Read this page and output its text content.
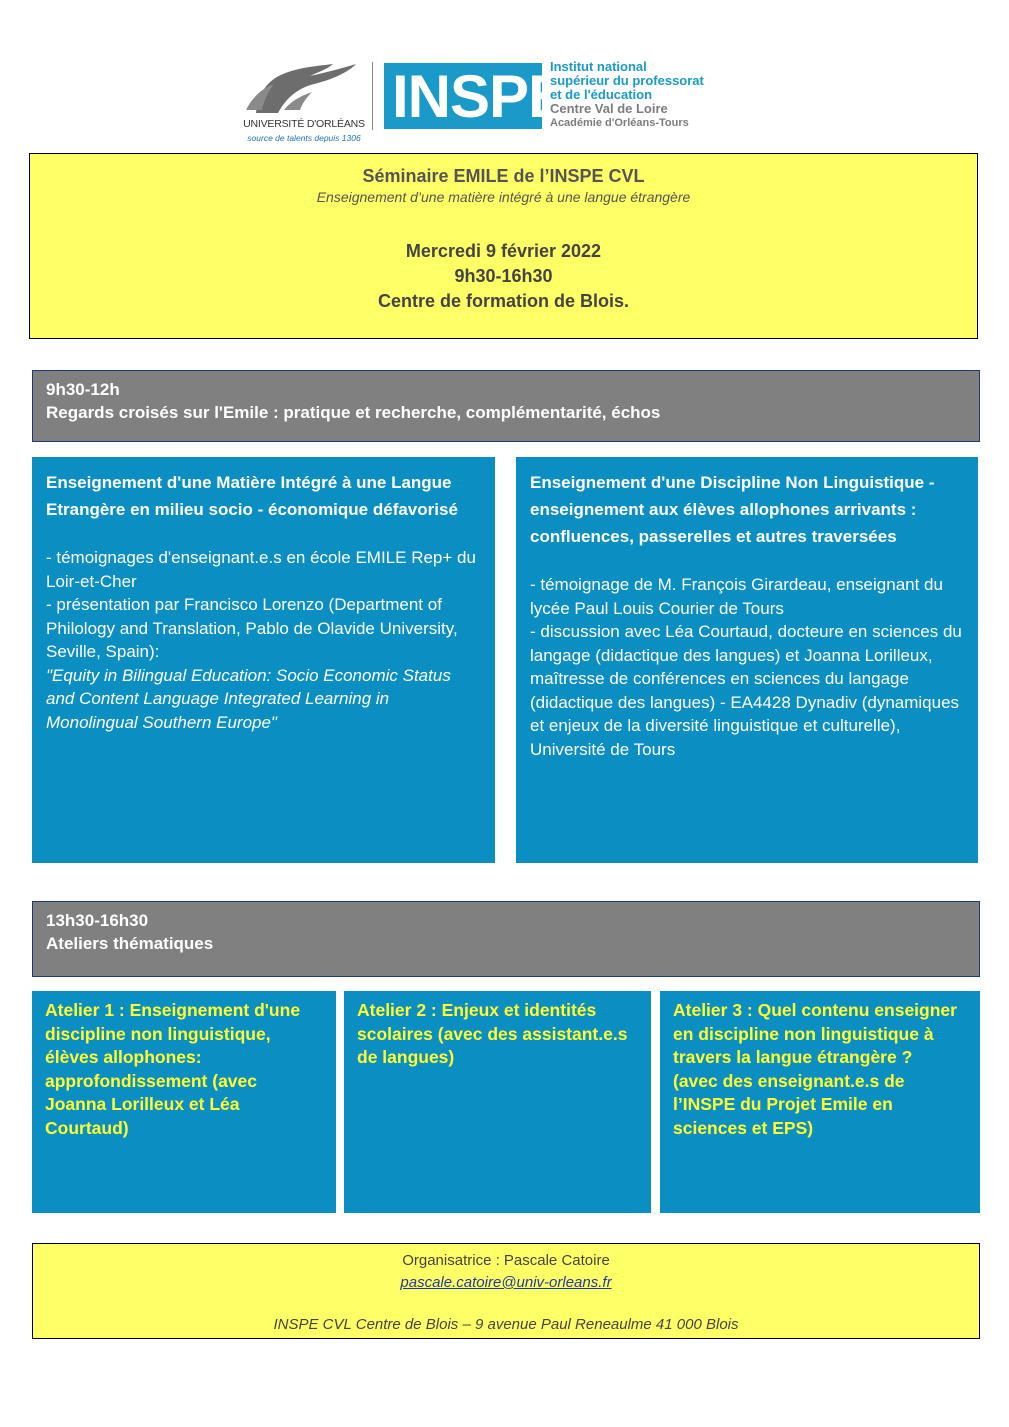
UNIVERSITÉ D'ORLÉANS
source de talents depuis 1306
INSPÉ
Institut national
supérieur du professorat
et de l'éducation
Centre Val de Loire
Académie d'Orléans-Tours
Séminaire EMILE de l’INSPE CVL
Enseignement d’une matière intégré à une langue étrangère
Mercredi 9 février 2022
9h30-16h30
Centre de formation de Blois.
9h30-12h
Regards croisés sur l'Emile : pratique et recherche, complémentarité, échos
Enseignement d'une Matière Intégré à une Langue Etrangère en milieu socio - économique défavorisé
- témoignages d'enseignant.e.s en école EMILE Rep+ du Loir-et-Cher
- présentation par Francisco Lorenzo (Department of Philology and Translation, Pablo de Olavide University, Seville, Spain):
"Equity in Bilingual Education: Socio Economic Status and Content Language Integrated Learning in Monolingual Southern Europe"
Enseignement d'une Discipline Non Linguistique - enseignement aux élèves allophones arrivants : confluences, passerelles et autres traversées
- témoignage de M. François Girardeau, enseignant du lycée Paul Louis Courier de Tours
- discussion avec Léa Courtaud, docteure en sciences du langage (didactique des langues) et Joanna Lorilleux, maîtresse de conférences en sciences du langage (didactique des langues) - EA4428 Dynadiv (dynamiques et enjeux de la diversité linguistique et culturelle), Université de Tours
13h30-16h30
Ateliers thématiques
Atelier 1 : Enseignement d'une discipline non linguistique, élèves allophones: approfondissement (avec Joanna Lorilleux et Léa Courtaud)
Atelier 2 : Enjeux et identités scolaires (avec des assistant.e.s de langues)
Atelier 3 : Quel contenu enseigner en discipline non linguistique à travers la langue étrangère ?
(avec des enseignant.e.s de l’INSPE du Projet Emile en sciences et EPS)
Organisatrice : Pascale Catoire
pascale.catoire@univ-orleans.fr
INSPE CVL Centre de Blois – 9 avenue Paul Reneaulme 41 000 Blois
